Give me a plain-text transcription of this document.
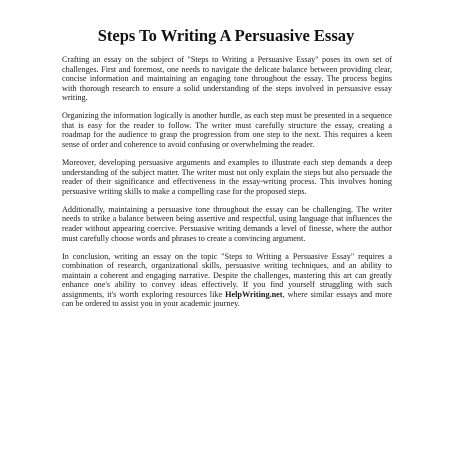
Steps To Writing A Persuasive Essay

Crafting an essay on the subject of "Steps to Writing a Persuasive Essay" poses its own set of challenges. First and foremost, one needs to navigate the delicate balance between providing clear, concise information and maintaining an engaging tone throughout the essay. The process begins with thorough research to ensure a solid understanding of the steps involved in persuasive essay writing.

Organizing the information logically is another hurdle, as each step must be presented in a sequence that is easy for the reader to follow. The writer must carefully structure the essay, creating a roadmap for the audience to grasp the progression from one step to the next. This requires a keen sense of order and coherence to avoid confusing or overwhelming the reader.

Moreover, developing persuasive arguments and examples to illustrate each step demands a deep understanding of the subject matter. The writer must not only explain the steps but also persuade the reader of their significance and effectiveness in the essay-writing process. This involves honing persuasive writing skills to make a compelling case for the proposed steps.

Additionally, maintaining a persuasive tone throughout the essay can be challenging. The writer needs to strike a balance between being assertive and respectful, using language that influences the reader without appearing coercive. Persuasive writing demands a level of finesse, where the author must carefully choose words and phrases to create a convincing argument.

In conclusion, writing an essay on the topic "Steps to Writing a Persuasive Essay" requires a combination of research, organizational skills, persuasive writing techniques, and an ability to maintain a coherent and engaging narrative. Despite the challenges, mastering this art can greatly enhance one's ability to convey ideas effectively. If you find yourself struggling with such assignments, it's worth exploring resources like HelpWriting.net, where similar essays and more can be ordered to assist you in your academic journey.
